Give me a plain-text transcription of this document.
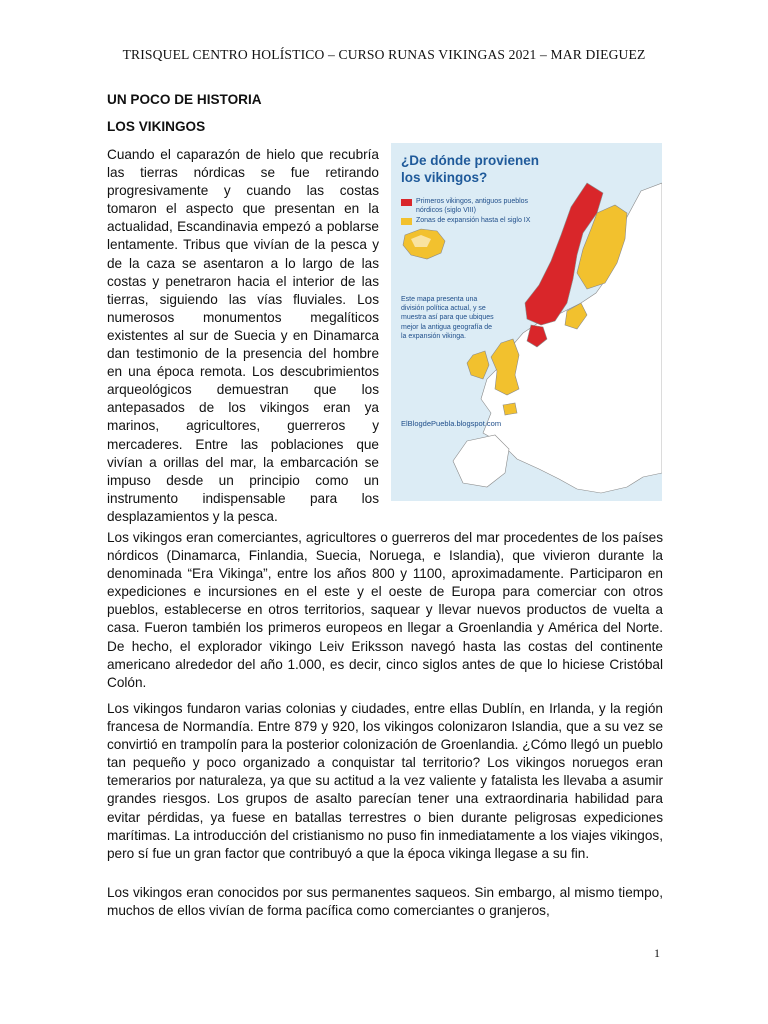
TRISQUEL CENTRO HOLÍSTICO – CURSO RUNAS VIKINGAS 2021 – MAR DIEGUEZ
UN POCO DE HISTORIA
LOS VIKINGOS

Cuando el caparazón de hielo que recubría las tierras nórdicas se fue retirando progresivamente y cuando las costas tomaron el aspecto que presentan en la actualidad, Escandinavia empezó a poblarse lentamente. Tribus que vivían de la pesca y de la caza se asentaron a lo largo de las costas y penetraron hacia el interior de las tierras, siguiendo las vías fluviales. Los numerosos monumentos megalíticos existentes al sur de Suecia y en Dinamarca dan testimonio de la presencia del hombre en una época remota. Los descubrimientos arqueológicos demuestran que los antepasados de los vikingos eran ya marinos, agricultores, guerreros y mercaderes. Entre las poblaciones que vivían a orillas del mar, la embarcación se impuso desde un principio como un instrumento indispensable para los desplazamientos y la pesca.

¿De dónde provienen los vikingos?
Primeros vikingos, antiguos pueblos nórdicos (siglo VIII)
Zonas de expansión hasta el siglo IX
Este mapa presenta una división política actual, y se muestra así para que ubiques mejor la antigua geografía de la expansión vikinga.
ElBlogdePuebla.blogspot.com

Los vikingos eran comerciantes, agricultores o guerreros del mar procedentes de los países nórdicos (Dinamarca, Finlandia, Suecia, Noruega, e Islandia), que vivieron durante la denominada “Era Vikinga”, entre los años 800 y 1100, aproximadamente. Participaron en expediciones e incursiones en el este y el oeste de Europa para comerciar con otros pueblos, establecerse en otros territorios, saquear y llevar nuevos productos de vuelta a casa. Fueron también los primeros europeos en llegar a Groenlandia y América del Norte. De hecho, el explorador vikingo Leiv Eriksson navegó hasta las costas del continente americano alrededor del año 1.000, es decir, cinco siglos antes de que lo hiciese Cristóbal Colón.

Los vikingos fundaron varias colonias y ciudades, entre ellas Dublín, en Irlanda, y la región francesa de Normandía. Entre 879 y 920, los vikingos colonizaron Islandia, que a su vez se convirtió en trampolín para la posterior colonización de Groenlandia. ¿Cómo llegó un pueblo tan pequeño y poco organizado a conquistar tal territorio? Los vikingos noruegos eran temerarios por naturaleza, ya que su actitud a la vez valiente y fatalista les llevaba a asumir grandes riesgos. Los grupos de asalto parecían tener una extraordinaria habilidad para evitar pérdidas, ya fuese en batallas terrestres o bien durante peligrosas expediciones marítimas. La introducción del cristianismo no puso fin inmediatamente a los viajes vikingos, pero sí fue un gran factor que contribuyó a que la época vikinga llegase a su fin.

Los vikingos eran conocidos por sus permanentes saqueos. Sin embargo, al mismo tiempo, muchos de ellos vivían de forma pacífica como comerciantes o granjeros,

1
